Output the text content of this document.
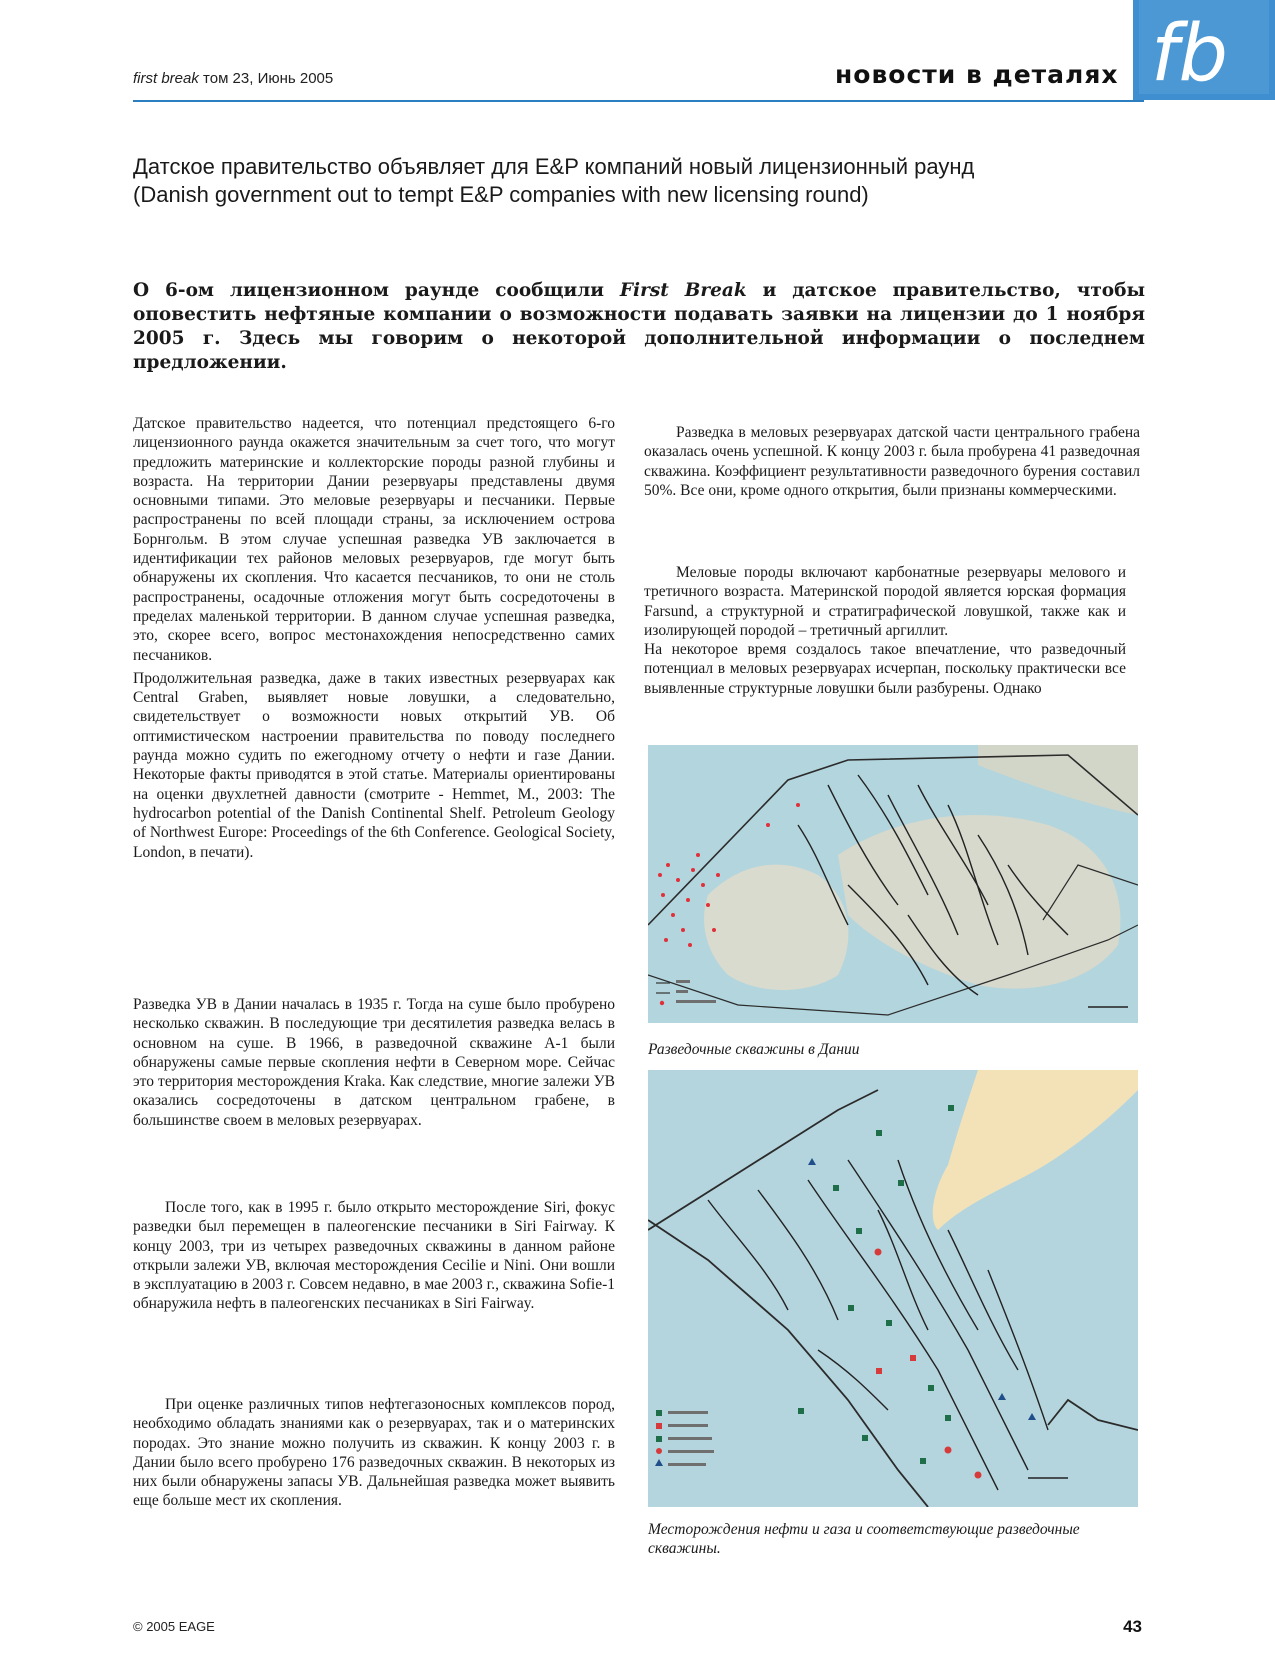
first break том 23, Июнь 2005	новости в деталях fb
Датское правительство объявляет для E&P компаний новый лицензионный раунд
(Danish government out to tempt E&P companies with new licensing round)
О 6-ом лицензионном раунде сообщили First Break и датское правительство, чтобы оповестить нефтяные компании о возможности подавать заявки на лицензии до 1 ноября 2005 г. Здесь мы говорим о некоторой дополнительной информации о последнем предложении.

Датское правительство надеется, что потенциал предстоящего 6-го лицензионного раунда окажется значительным за счет того, что могут предложить материнские и коллекторские породы разной глубины и возраста. На территории Дании резервуары представлены двумя основными типами. Это меловые резервуары и песчаники. Первые распространены по всей площади страны, за исключением острова Борнгольм. В этом случае успешная разведка УВ заключается в идентификации тех районов меловых резервуаров, где могут быть обнаружены их скопления. Что касается песчаников, то они не столь распространены, осадочные отложения могут быть сосредоточены в пределах маленькой территории. В данном случае успешная разведка, это, скорее всего, вопрос местонахождения непосредственно самих песчаников.

Продолжительная разведка, даже в таких известных резервуарах как Central Graben, выявляет новые ловушки, а следовательно, свидетельствует о возможности новых открытий УВ. Об оптимистическом настроении правительства по поводу последнего раунда можно судить по ежегодному отчету о нефти и газе Дании. Некоторые факты приводятся в этой статье. Материалы ориентированы на оценки двухлетней давности (смотрите - Hemmet, M., 2003: The hydrocarbon potential of the Danish Continental Shelf. Petroleum Geology of Northwest Europe: Proceedings of the 6th Conference. Geological Society, London, в печати).

Разведка УВ в Дании началась в 1935 г. Тогда на суше было пробурено несколько скважин. В последующие три десятилетия разведка велась в основном на суше. В 1966, в разведочной скважине А-1 были обнаружены самые первые скопления нефти в Северном море. Сейчас это территория месторождения Kraka. Как следствие, многие залежи УВ оказались сосредоточены в датском центральном грабене, в большинстве своем в меловых резервуарах.

После того, как в 1995 г. было открыто месторождение Siri, фокус разведки был перемещен в палеогенские песчаники в Siri Fairway. К концу 2003, три из четырех разведочных скважины в данном районе открыли залежи УВ, включая месторождения Cecilie и Nini. Они вошли в эксплуатацию в 2003 г. Совсем недавно, в мае 2003 г., скважина Sofie-1 обнаружила нефть в палеогенских песчаниках в Siri Fairway.

При оценке различных типов нефтегазоносных комплексов пород, необходимо обладать знаниями как о резервуарах, так и о материнских породах. Это знание можно получить из скважин. К концу 2003 г. в Дании было всего пробурено 176 разведочных скважин. В некоторых из них были обнаружены запасы УВ. Дальнейшая разведка может выявить еще больше мест их скопления.

Разведка в меловых резервуарах датской части центрального грабена оказалась очень успешной. К концу 2003 г. была пробурена 41 разведочная скважина. Коэффициент результативности разведочного бурения составил 50%. Все они, кроме одного открытия, были признаны коммерческими.

Меловые породы включают карбонатные резервуары мелового и третичного возраста. Материнской породой является юрская формация Farsund, а структурной и стратиграфической ловушкой, также как и изолирующей породой – третичный аргиллит.

На некоторое время создалось такое впечатление, что разведочный потенциал в меловых резервуарах исчерпан, поскольку практически все выявленные структурные ловушки были разбурены. Однако

Разведочные скважины в Дании
Месторождения нефти и газа и соответствующие разведочные скважины.
© 2005 EAGE	43
